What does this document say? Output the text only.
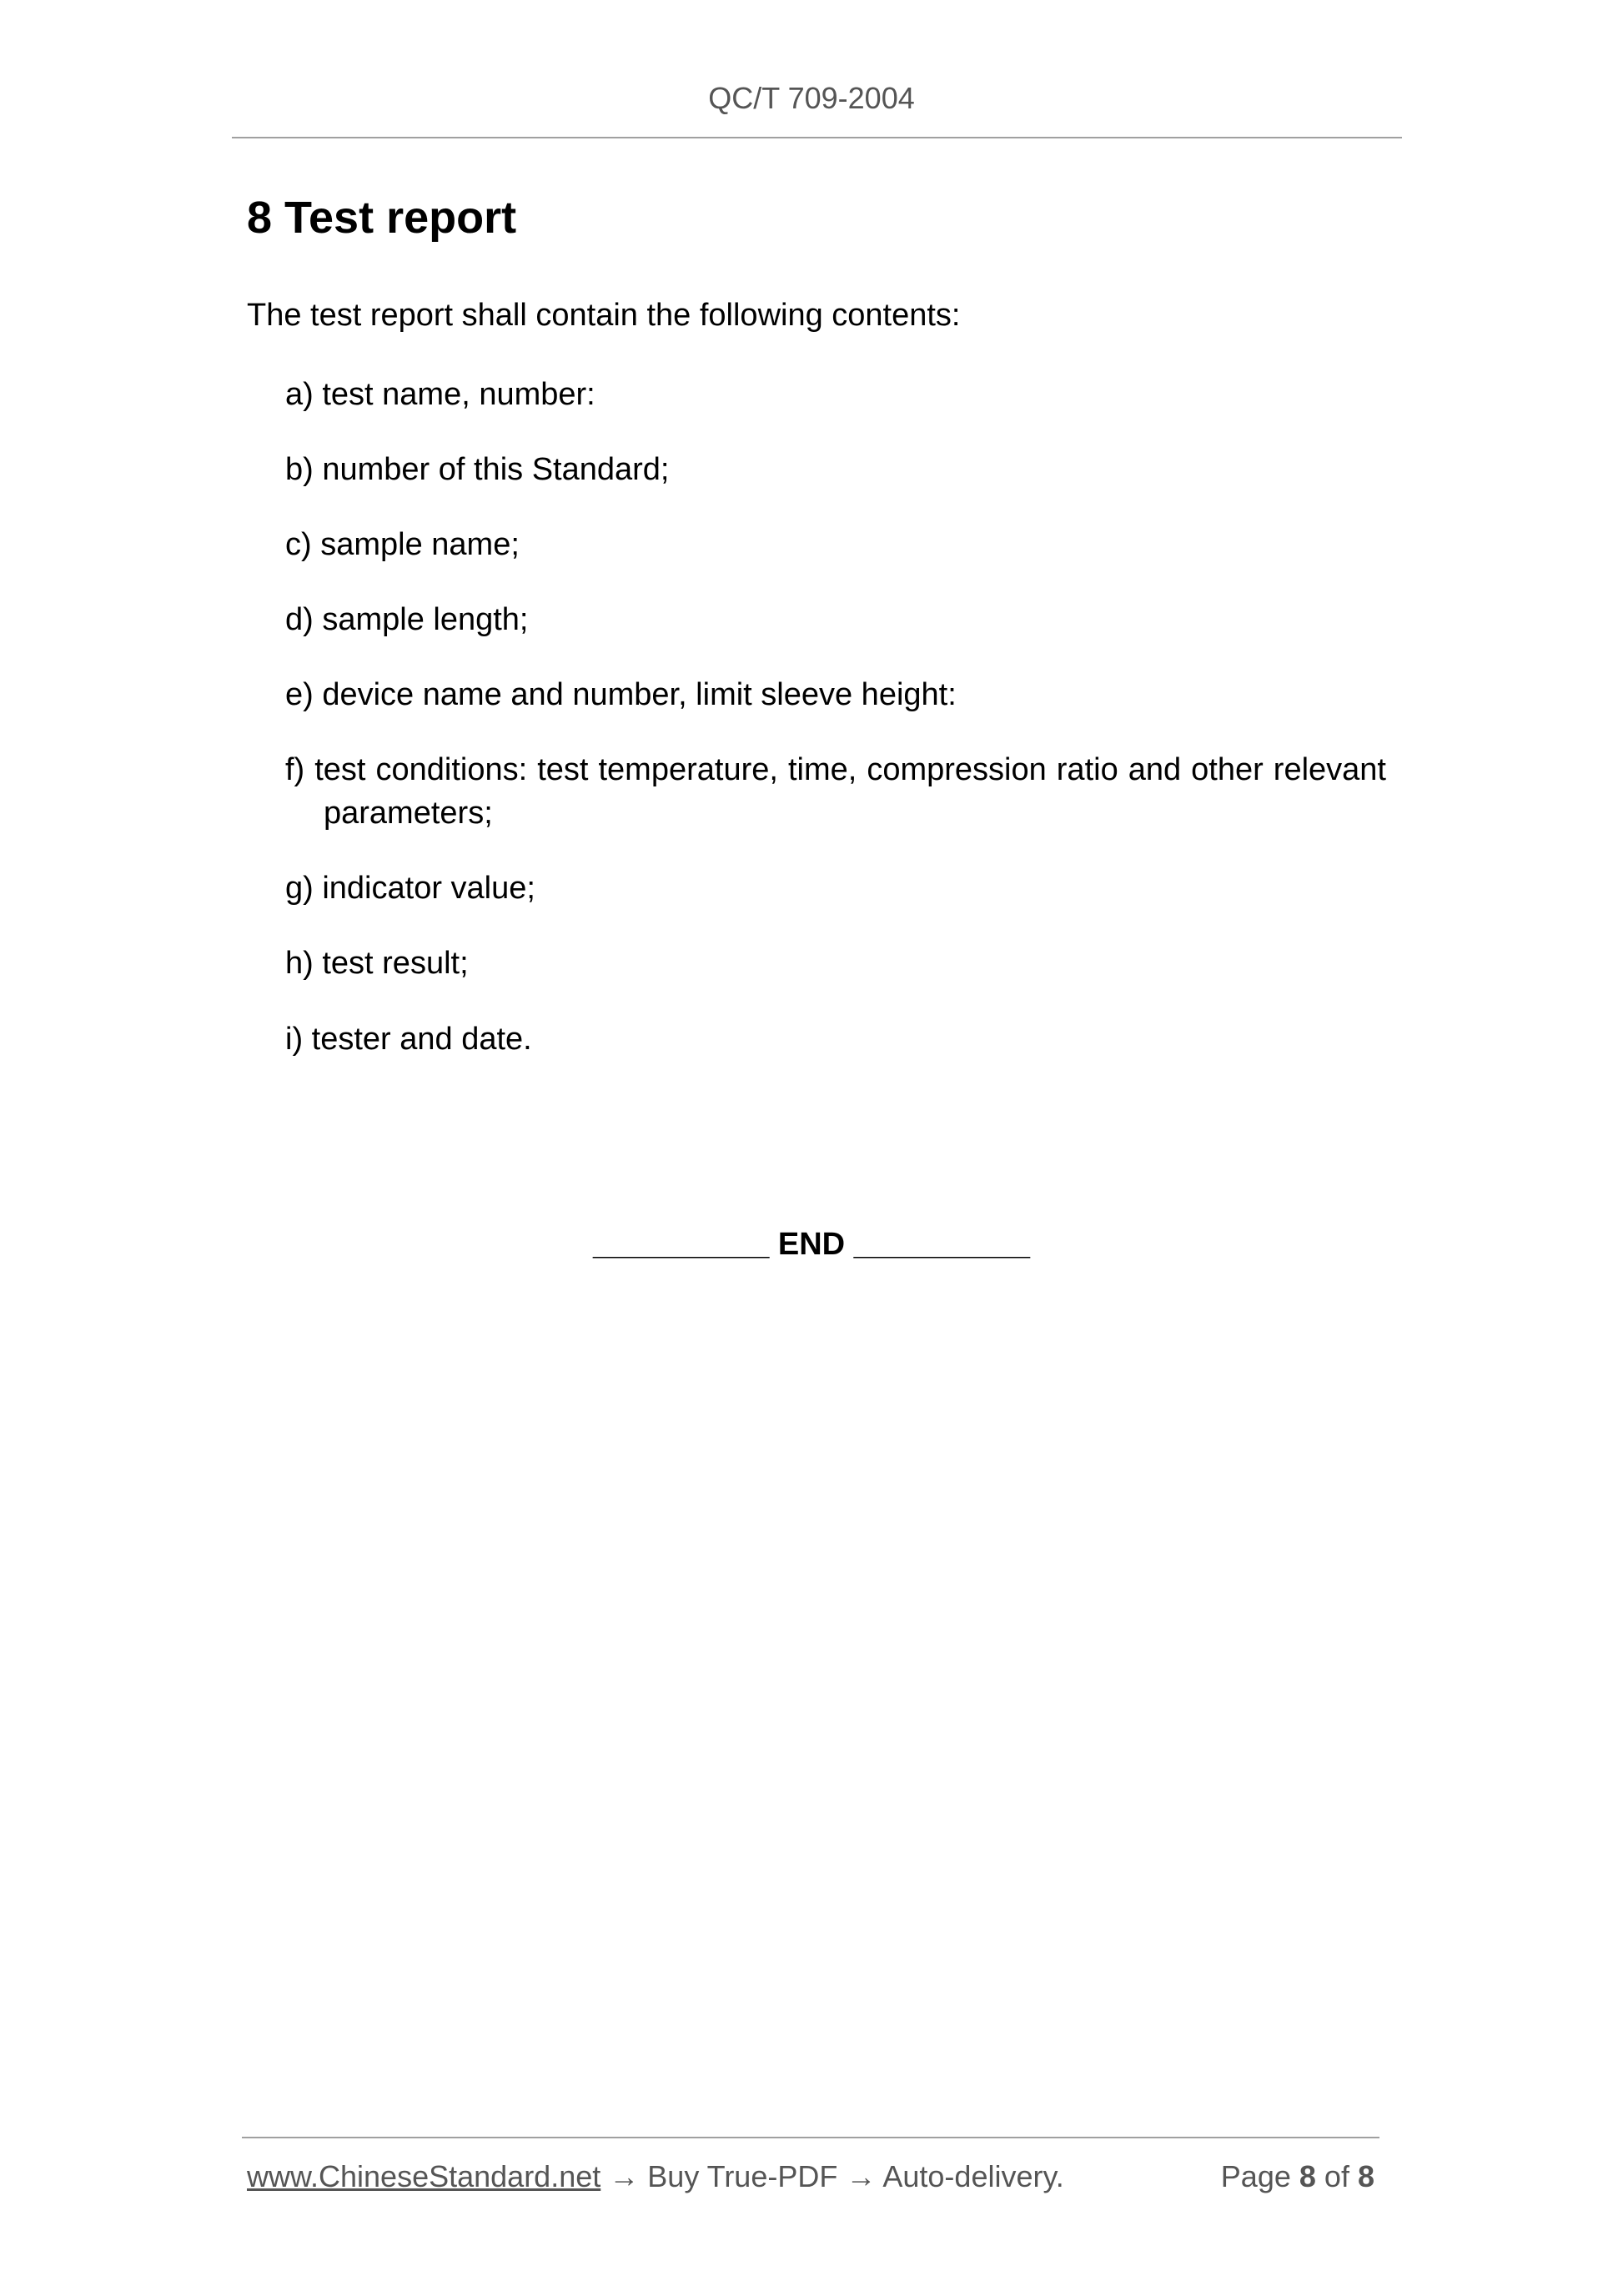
QC/T 709-2004
8 Test report

The test report shall contain the following contents:

a) test name, number:
b) number of this Standard;
c) sample name;
d) sample length;
e) device name and number, limit sleeve height:
f) test conditions: test temperature, time, compression ratio and other relevant parameters;
g) indicator value;
h) test result;
i) tester and date.
__________ END __________
www.ChineseStandard.net → Buy True-PDF → Auto-delivery.	Page 8 of 8
